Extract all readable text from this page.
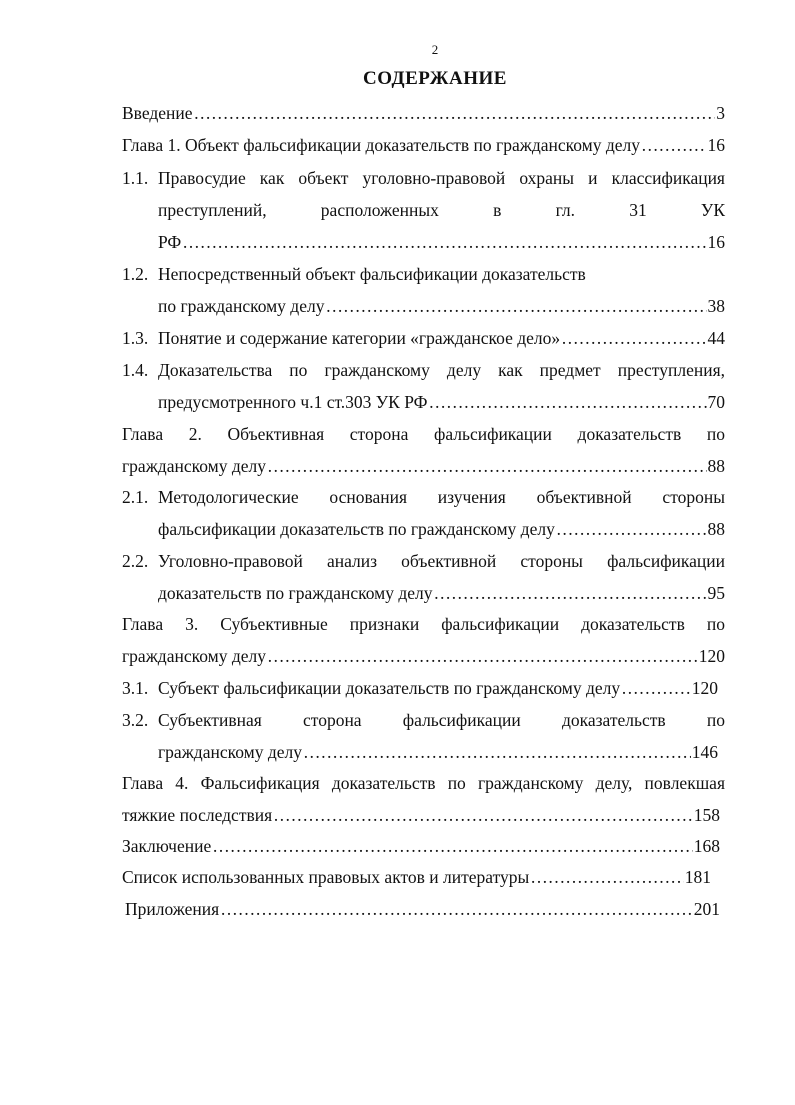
2
СОДЕРЖАНИЕ
Введение ……………………………………………………………………………………………………………………………………………………………………	3
Глава 1. Объект фальсификации доказательств по гражданскому делу ……………………………………………………………………………………………………………………………………………………………………	16
1.1. Правосудие как объект уголовно-правовой охраны и классификация
преступлений, расположенных в гл. 31 УК
РФ ……………………………………………………………………………………………………………………………………………………………………	16
1.2. Непосредственный объект фальсификации доказательств
по гражданскому делу ……………………………………………………………………………………………………………………………………………………………………	38
1.3. Понятие и содержание категории «гражданское дело» ……………………………………………………………………………………………………………………………………………………………………	44
1.4. Доказательства по гражданскому делу как предмет преступления,
предусмотренного ч.1 ст.303 УК РФ ……………………………………………………………………………………………………………………………………………………………………	70
Глава 2. Объективная сторона фальсификации доказательств по
гражданскому делу ……………………………………………………………………………………………………………………………………………………………………	88
2.1. Методологические основания изучения объективной стороны
фальсификации доказательств по гражданскому делу ……………………………………………………………………………………………………………………………………………………………………	88
2.2. Уголовно-правовой анализ объективной стороны фальсификации
доказательств по гражданскому делу ……………………………………………………………………………………………………………………………………………………………………	95
Глава 3. Субъективные признаки фальсификации доказательств по
гражданскому делу ……………………………………………………………………………………………………………………………………………………………………	120
3.1. Субъект фальсификации доказательств по гражданскому делу ……………………………………………………………………………………………………………………………………………………………………	120
3.2. Субъективная сторона фальсификации доказательств по
гражданскому делу ……………………………………………………………………………………………………………………………………………………………………	146
Глава 4. Фальсификация доказательств по гражданскому делу, повлекшая
тяжкие последствия ……………………………………………………………………………………………………………………………………………………………………	158
Заключение ……………………………………………………………………………………………………………………………………………………………………	168
Список использованных правовых актов и литературы ……………………………………………………………………………………………………………………………………………………………………	181
Приложения ……………………………………………………………………………………………………………………………………………………………………	201
